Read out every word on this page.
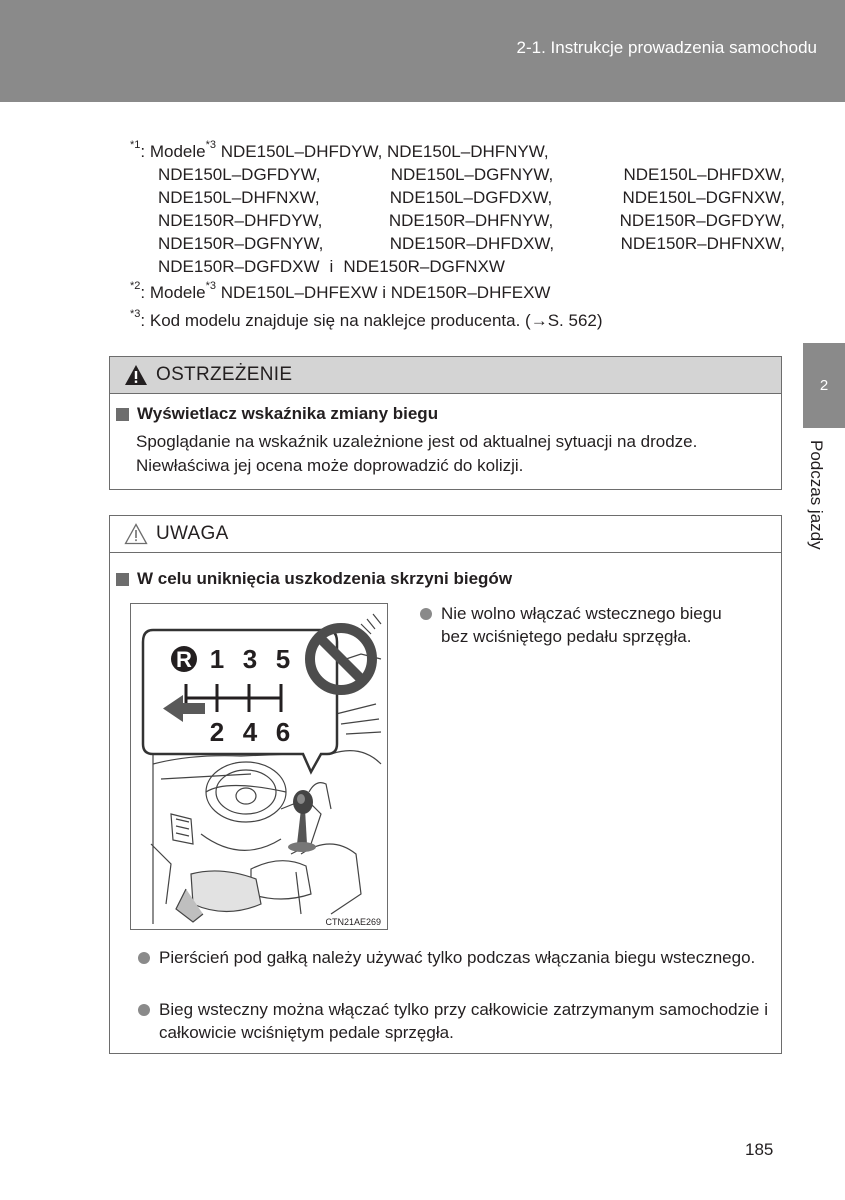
2-1. Instrukcje prowadzenia samochodu
2
Podczas jazdy
$^{*1}$: Modele$^{*3}$ NDE150L–DHFDYW, NDE150L–DHFNYW,
NDE150L–DGFDYW,	NDE150L–DGFNYW,	NDE150L–DHFDXW,
NDE150L–DHFNXW,	NDE150L–DGFDXW,	NDE150L–DGFNXW,
NDE150R–DHFDYW,	NDE150R–DHFNYW,	NDE150R–DGFDYW,
NDE150R–DGFNYW,	NDE150R–DHFDXW,	NDE150R–DHFNXW,
NDE150R–DGFDXW i NDE150R–DGFNXW
$^{*2}$: Modele$^{*3}$ NDE150L–DHFEXW i NDE150R–DHFEXW
$^{*3}$: Kod modelu znajduje się na naklejce producenta. (→S. 562)
OSTRZEŻENIE
Wyświetlacz wskaźnika zmiany biegu
Spoglądanie na wskaźnik uzależnione jest od aktualnej sytuacji na drodze.
Niewłaściwa jej ocena może doprowadzić do kolizji.
UWAGA
W celu uniknięcia uszkodzenia skrzyni biegów
Nie wolno włączać wstecznego biegu
bez wciśniętego pedału sprzęgła.
Pierścień pod gałką należy używać tylko podczas włączania biegu wstecznego.
Bieg wsteczny można włączać tylko przy całkowicie zatrzymanym samochodzie i całkowicie wciśniętym pedale sprzęgła.
R 1 3 5
2 4 6
CTN21AE269
185
